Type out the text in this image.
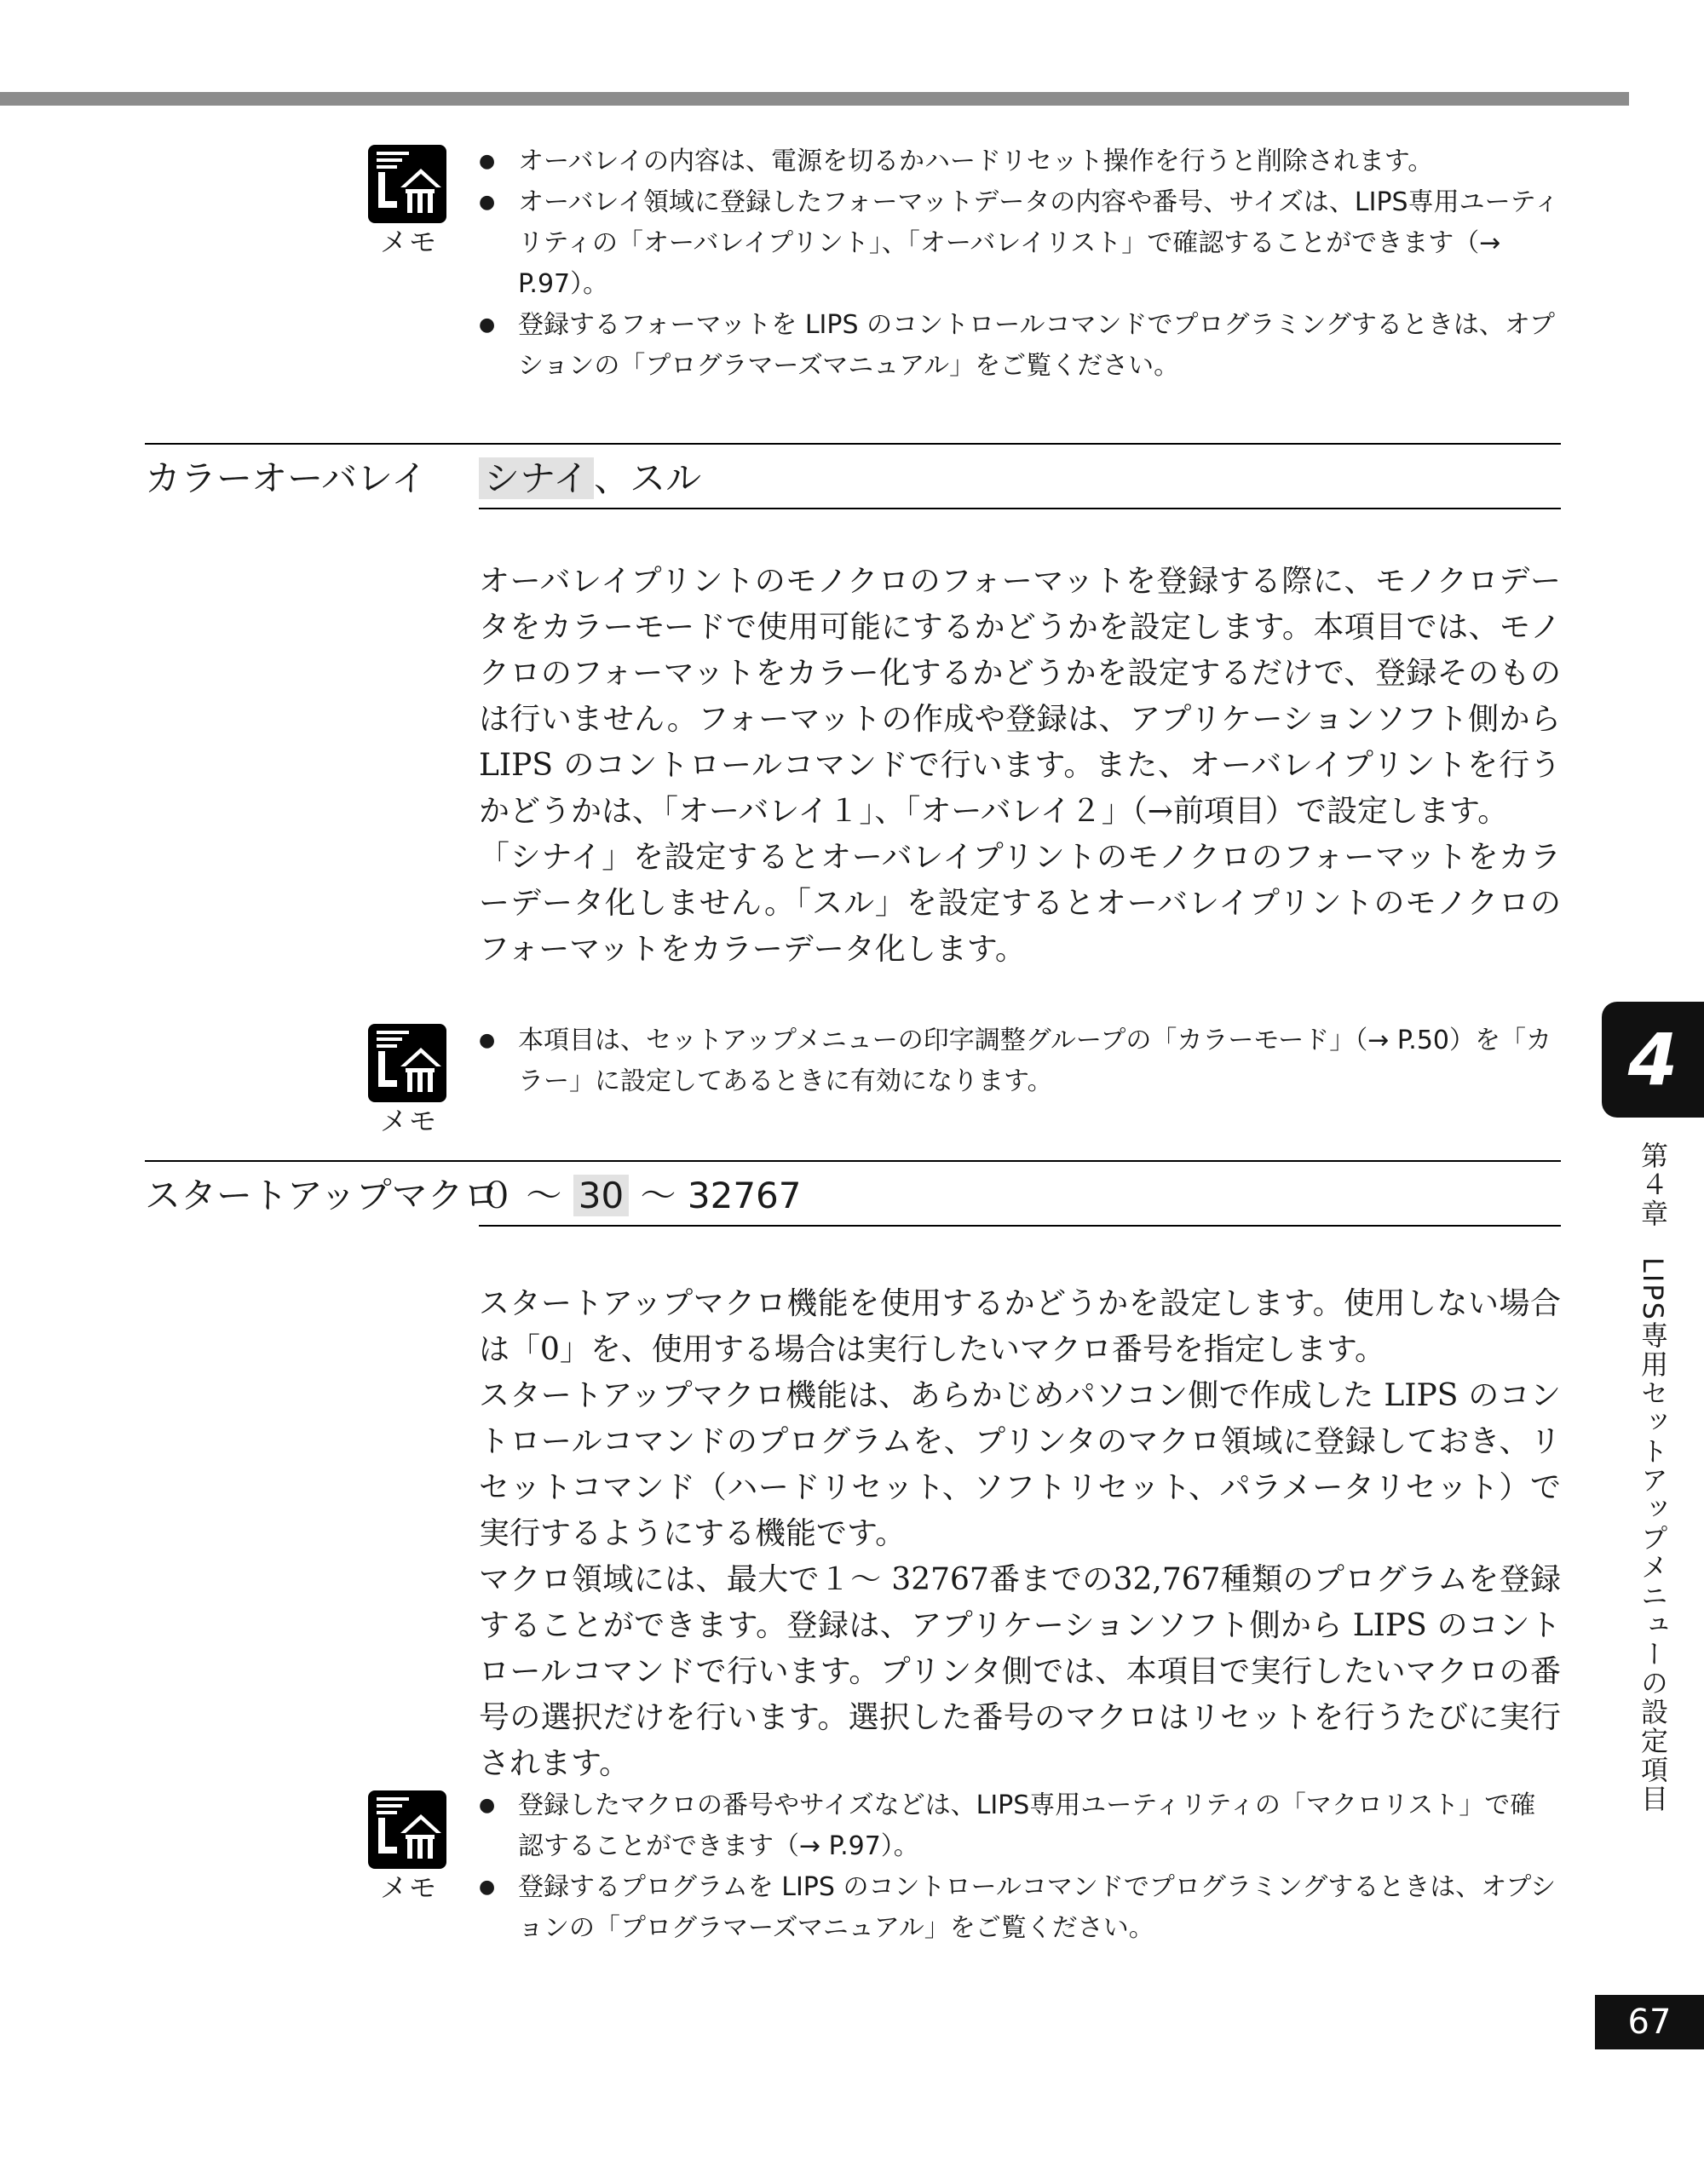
メモ
● オーバレイの内容は、電源を切るかハードリセット操作を行うと削除されます。
● オーバレイ領域に登録したフォーマットデータの内容や番号、サイズは、LIPS専用ユーティリティの「オーバレイプリント」、「オーバレイリスト」で確認することができます（→ P.97）。
● 登録するフォーマットを LIPS のコントロールコマンドでプログラミングするときは、オプションの「プログラマーズマニュアル」をご覧ください。
カラーオーバレイ シナイ 、スル

オーバレイプリントのモノクロのフォーマットを登録する際に、モノクロデータをカラーモードで使用可能にするかどうかを設定します。本項目では、モノクロのフォーマットをカラー化するかどうかを設定するだけで、登録そのものは行いません。フォーマットの作成や登録は、アプリケーションソフト側から LIPS のコントロールコマンドで行います。また、オーバレイプリントを行うかどうかは、「オーバレイ１」、「オーバレイ２」（→前項目）で設定します。

「シナイ」を設定するとオーバレイプリントのモノクロのフォーマットをカラーデータ化しません。「スル」を設定するとオーバレイプリントのモノクロのフォーマットをカラーデータ化します。

メモ
● 本項目は、セットアップメニューの印字調整グループの「カラーモード」（→ P.50）を「カラー」に設定してあるときに有効になります。
スタートアップマクロ
０ ～ 30 ～ 32767

スタートアップマクロ機能を使用するかどうかを設定します。使用しない場合は「0」を、使用する場合は実行したいマクロ番号を指定します。

スタートアップマクロ機能は、あらかじめパソコン側で作成した LIPS のコントロールコマンドのプログラムを、プリンタのマクロ領域に登録しておき、リセットコマンド（ハードリセット、ソフトリセット、パラメータリセット）で実行するようにする機能です。

マクロ領域には、最大で１～ 32767番までの32,767種類のプログラムを登録することができます。登録は、アプリケーションソフト側から LIPS のコントロールコマンドで行います。プリンタ側では、本項目で実行したいマクロの番号の選択だけを行います。選択した番号のマクロはリセットを行うたびに実行されます。

メモ
● 登録したマクロの番号やサイズなどは、LIPS専用ユーティリティの「マクロリスト」で確認することができます（→ P.97）。
● 登録するプログラムを LIPS のコントロールコマンドでプログラミングするときは、オプションの「プログラマーズマニュアル」をご覧ください。
4
第４章　LIPS専用セットアップメニューの設定項目
67
